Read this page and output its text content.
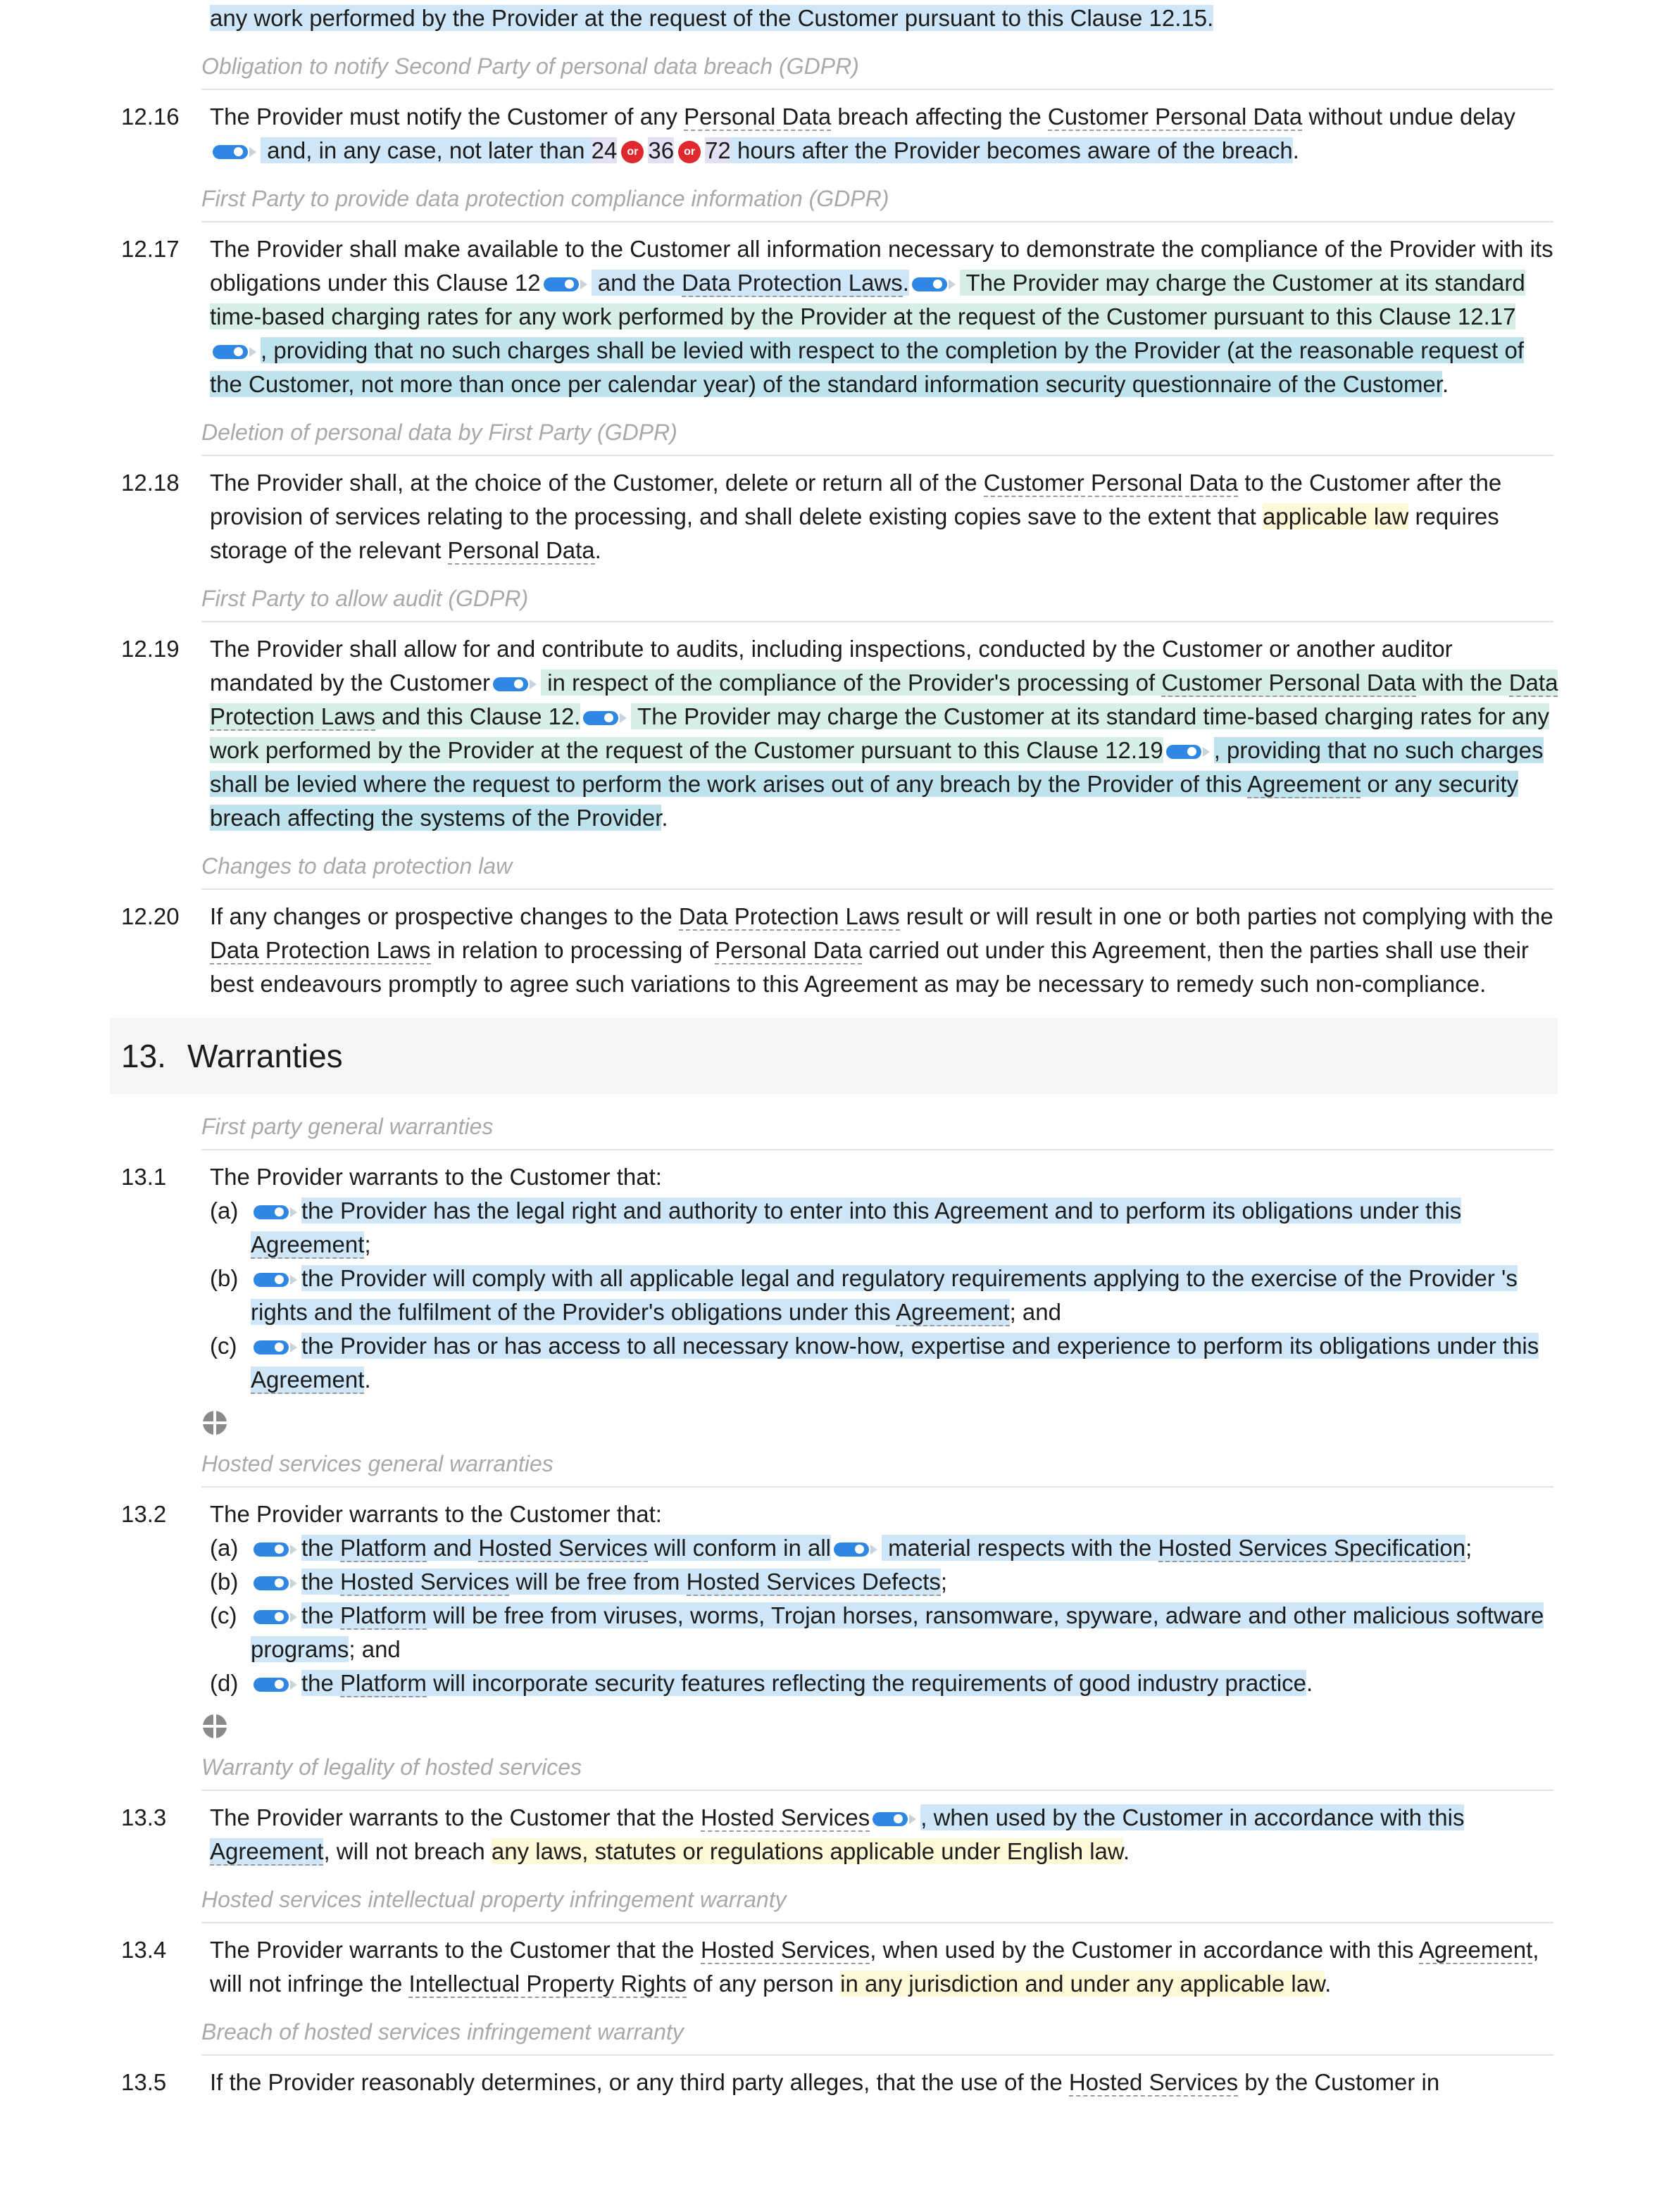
any work performed by the Provider at the request of the Customer pursuant to this Clause 12.15.
Obligation to notify Second Party of personal data breach (GDPR)
12.16	The Provider must notify the Customer of any Personal Data breach affecting the Customer Personal Data without undue delay
and, in any case, not later than 24 or 36 or 72 hours after the Provider becomes aware of the breach.
First Party to provide data protection compliance information (GDPR)
12.17	The Provider shall make available to the Customer all information necessary to demonstrate the compliance of the Provider with its obligations under this Clause 12
and the Data Protection Laws.
The Provider may charge the Customer at its standard time-based charging rates for any work performed by the Provider at the request of the Customer pursuant to this Clause 12.17
, providing that no such charges shall be levied with respect to the completion by the Provider (at the reasonable request of the Customer, not more than once per calendar year) of the standard information security questionnaire of the Customer.
Deletion of personal data by First Party (GDPR)
12.18	The Provider shall, at the choice of the Customer, delete or return all of the Customer Personal Data to the Customer after the provision of services relating to the processing, and shall delete existing copies save to the extent that applicable law requires storage of the relevant Personal Data.
First Party to allow audit (GDPR)
12.19	The Provider shall allow for and contribute to audits, including inspections, conducted by the Customer or another auditor mandated by the Customer
in respect of the compliance of the Provider's processing of Customer Personal Data with the Data Protection Laws and this Clause 12.
The Provider may charge the Customer at its standard time-based charging rates for any work performed by the Provider at the request of the Customer pursuant to this Clause 12.19 , providing that no such charges shall be levied where the request to perform the work arises out of any breach by the Provider of this Agreement or any security breach affecting the systems of the Provider.
Changes to data protection law
12.20	If any changes or prospective changes to the Data Protection Laws result or will result in one or both parties not complying with the Data Protection Laws in relation to processing of Personal Data carried out under this Agreement, then the parties shall use their best endeavours promptly to agree such variations to this Agreement as may be necessary to remedy such non-compliance.
13. Warranties
First party general warranties
13.1	The Provider warrants to the Customer that:
(a)	the Provider has the legal right and authority to enter into this Agreement and to perform its obligations under this Agreement;
(b)	the Provider will comply with all applicable legal and regulatory requirements applying to the exercise of the Provider 's rights and the fulfilment of the Provider's obligations under this Agreement; and
(c)	the Provider has or has access to all necessary know-how, expertise and experience to perform its obligations under this Agreement.
Hosted services general warranties
13.2	The Provider warrants to the Customer that:
(a)	the Platform and Hosted Services will conform in all
material respects with the Hosted Services Specification;
(b)	the Hosted Services will be free from Hosted Services Defects;
(c)	the Platform will be free from viruses, worms, Trojan horses, ransomware, spyware, adware and other malicious software programs; and
(d)	the Platform will incorporate security features reflecting the requirements of good industry practice.
Warranty of legality of hosted services
13.3	The Provider warrants to the Customer that the Hosted Services , when used by the Customer in accordance with this Agreement, will not breach any laws, statutes or regulations applicable under English law.
Hosted services intellectual property infringement warranty
13.4	The Provider warrants to the Customer that the Hosted Services, when used by the Customer in accordance with this Agreement, will not infringe the Intellectual Property Rights of any person in any jurisdiction and under any applicable law.
Breach of hosted services infringement warranty
13.5	If the Provider reasonably determines, or any third party alleges, that the use of the Hosted Services by the Customer in
